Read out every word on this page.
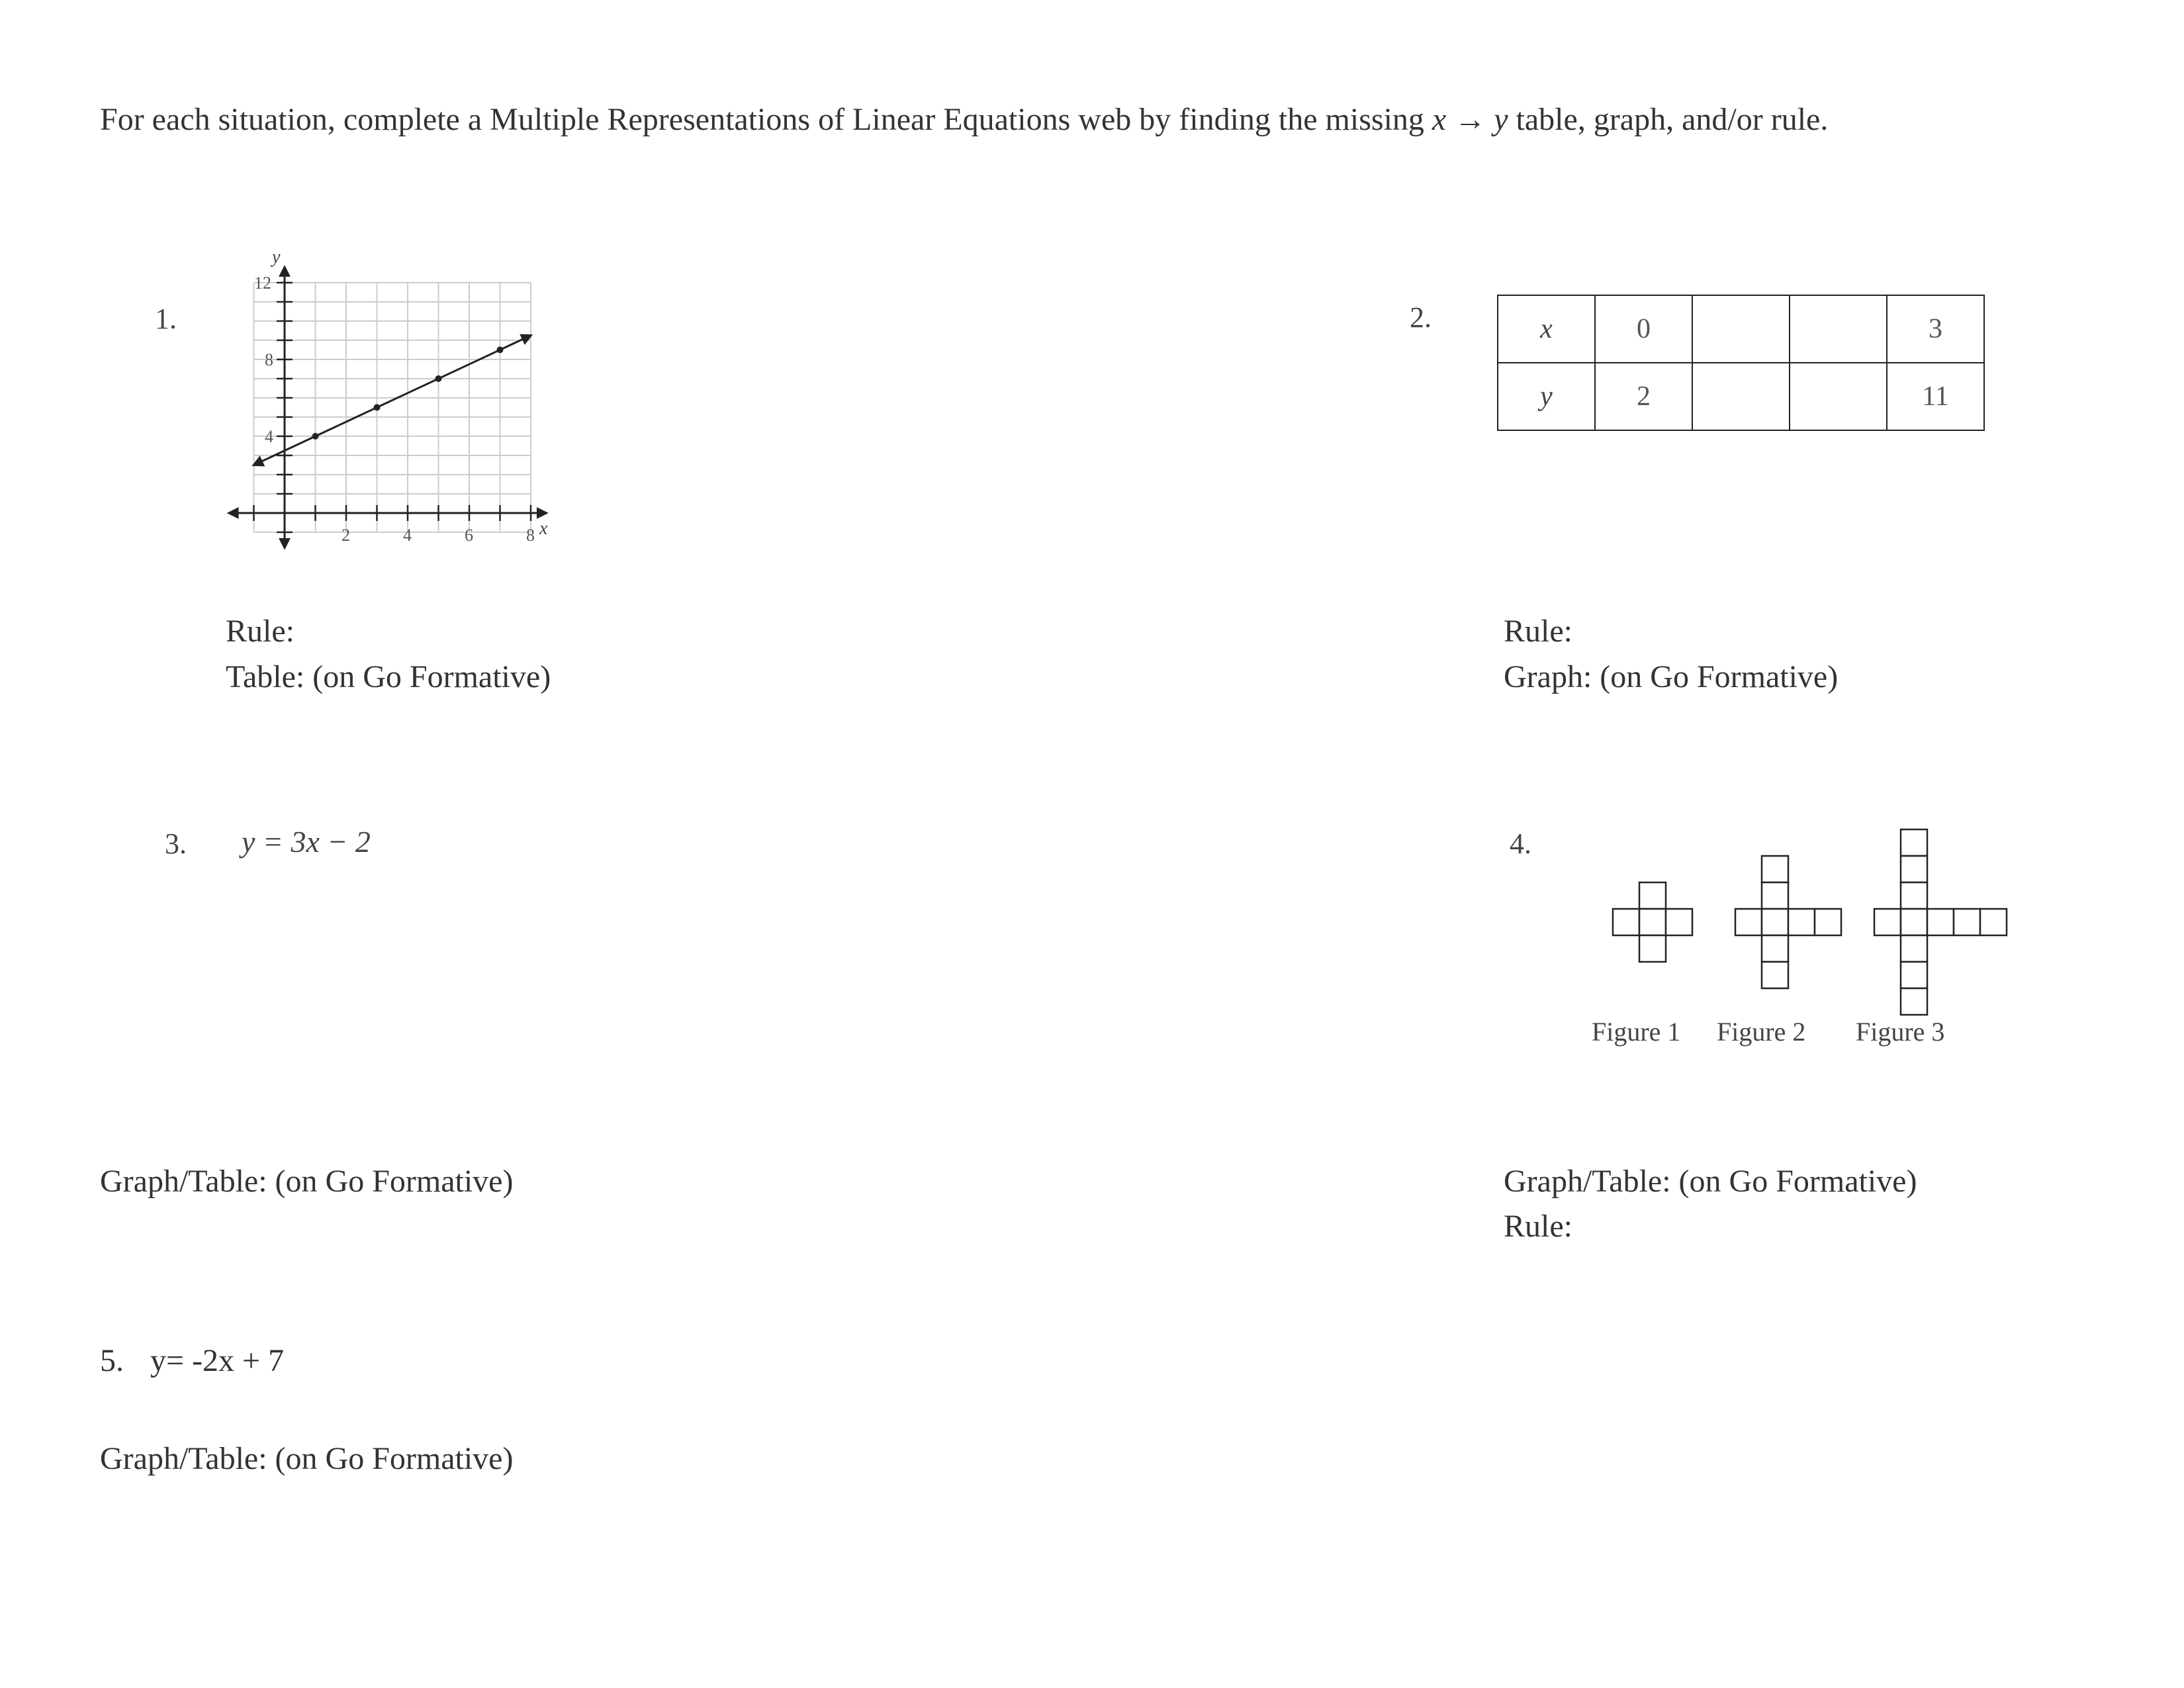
For each situation, complete a Multiple Representations of Linear Equations web by finding the missing x → y table, graph, and/or rule.
1.
2	4	6	8
4
8
12
y
x
Rule:
Table: (on Go Formative)
2.	x	0			3
y	2			11
Rule:
Graph: (on Go Formative)
3. y = 3x − 2
Graph/Table: (on Go Formative)
4.
Figure 1 Figure 2 Figure 3
Graph/Table: (on Go Formative)
Rule:
5. y= -2x + 7
Graph/Table: (on Go Formative)
